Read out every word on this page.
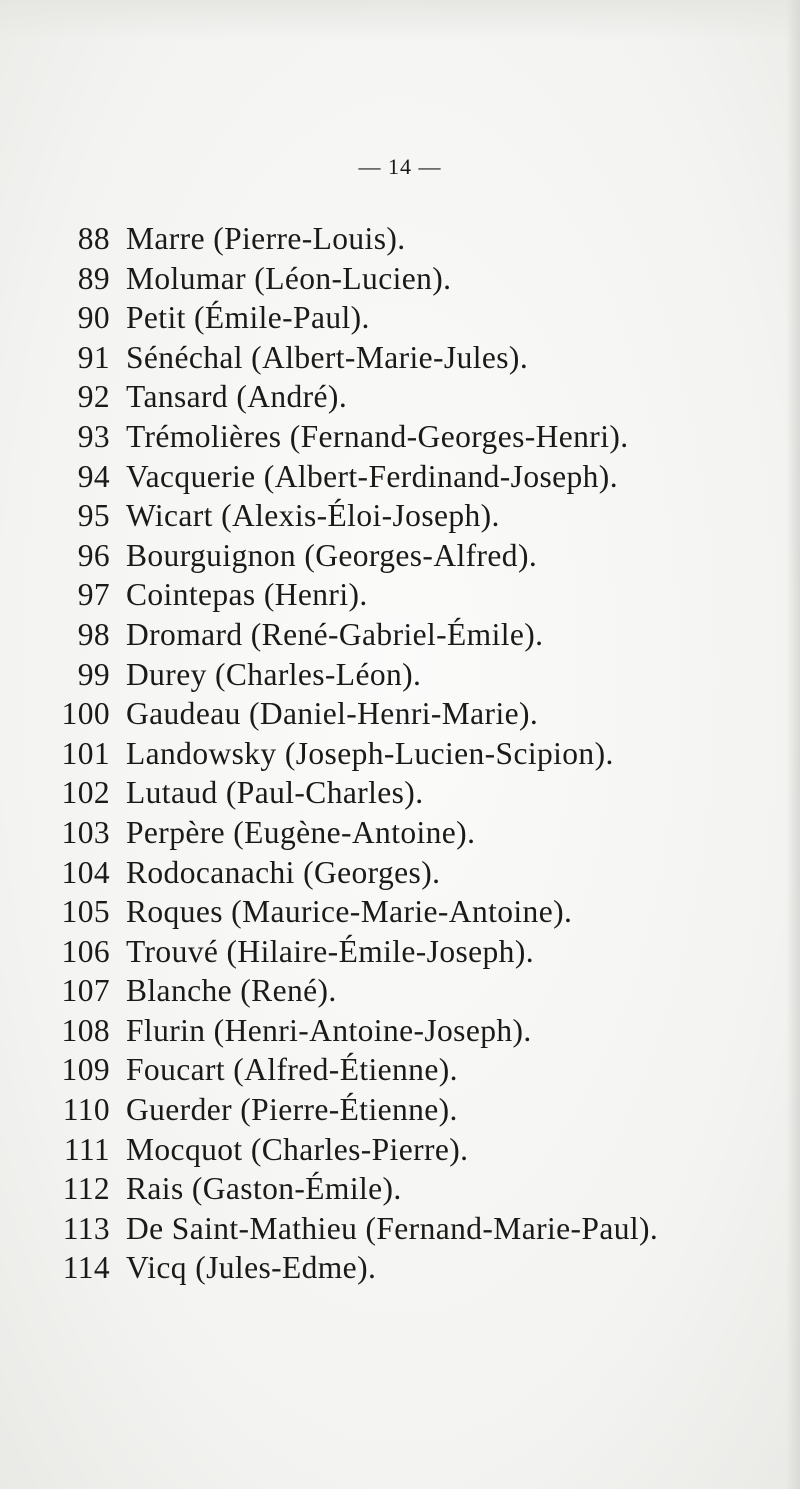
— 14 —
88 Marre (Pierre-Louis).
89 Molumar (Léon-Lucien).
90 Petit (Émile-Paul).
91 Sénéchal (Albert-Marie-Jules).
92 Tansard (André).
93 Trémolières (Fernand-Georges-Henri).
94 Vacquerie (Albert-Ferdinand-Joseph).
95 Wicart (Alexis-Éloi-Joseph).
96 Bourguignon (Georges-Alfred).
97 Cointepas (Henri).
98 Dromard (René-Gabriel-Émile).
99 Durey (Charles-Léon).
100 Gaudeau (Daniel-Henri-Marie).
101 Landowsky (Joseph-Lucien-Scipion).
102 Lutaud (Paul-Charles).
103 Perpère (Eugène-Antoine).
104 Rodocanachi (Georges).
105 Roques (Maurice-Marie-Antoine).
106 Trouvé (Hilaire-Émile-Joseph).
107 Blanche (René).
108 Flurin (Henri-Antoine-Joseph).
109 Foucart (Alfred-Étienne).
110 Guerder (Pierre-Étienne).
111 Mocquot (Charles-Pierre).
112 Rais (Gaston-Émile).
113 De Saint-Mathieu (Fernand-Marie-Paul).
114 Vicq (Jules-Edme).
